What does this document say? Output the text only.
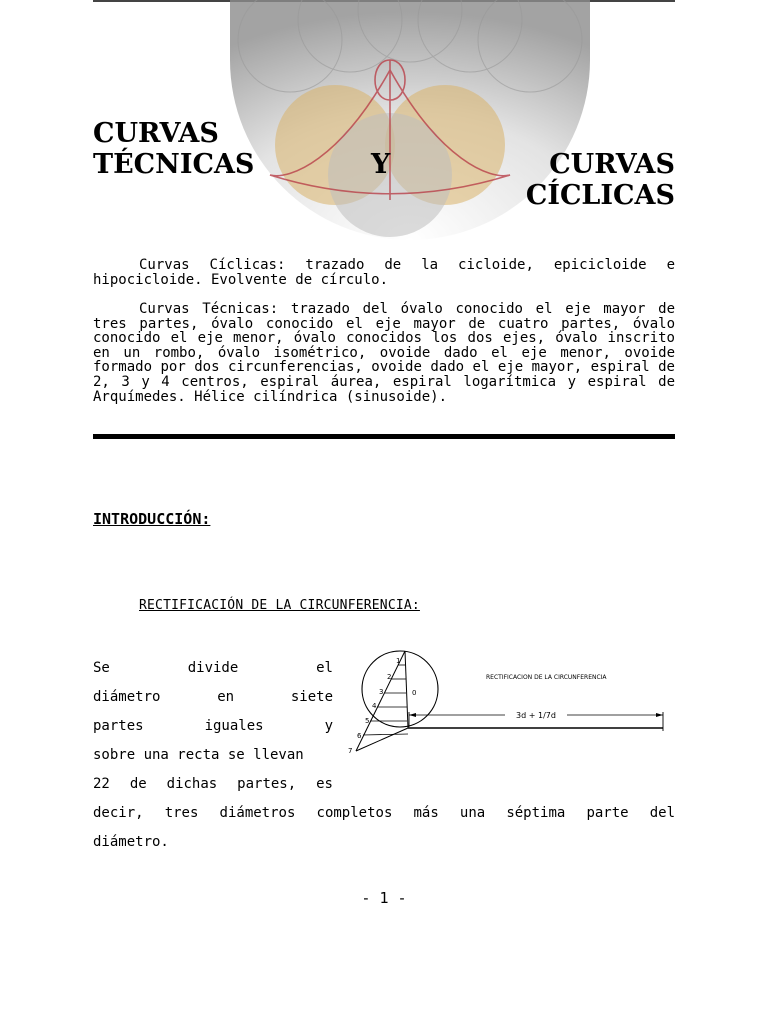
CURVAS
TÉCNICAS	Y	CURVAS
CÍCLICAS

Curvas Cíclicas: trazado de la cicloide, epicicloide e hipocicloide. Evolvente de círculo.

Curvas Técnicas: trazado del óvalo conocido el eje mayor de tres partes, óvalo conocido el eje mayor de cuatro partes, óvalo conocido el eje menor, óvalo conocidos los dos ejes, óvalo inscrito en un rombo, óvalo isométrico, ovoide dado el eje menor, ovoide formado por dos circunferencias, ovoide dado el eje mayor, espiral de 2, 3 y 4 centros, espiral áurea, espiral logarítmica y espiral de Arquímedes. Hélice cilíndrica (sinusoide).

INTRODUCCIÓN:
RECTIFICACIÓN DE LA CIRCUNFERENCIA:
Se divide el
diámetro en siete
partes iguales y
sobre una recta se llevan
22 de dichas partes, es
decir, tres diámetros completos más una séptima parte del
diámetro.
1
2
3
4
5
6
7
0
3d + 1/7d
RECTIFICACION DE LA CIRCUNFERENCIA
- 1 -
